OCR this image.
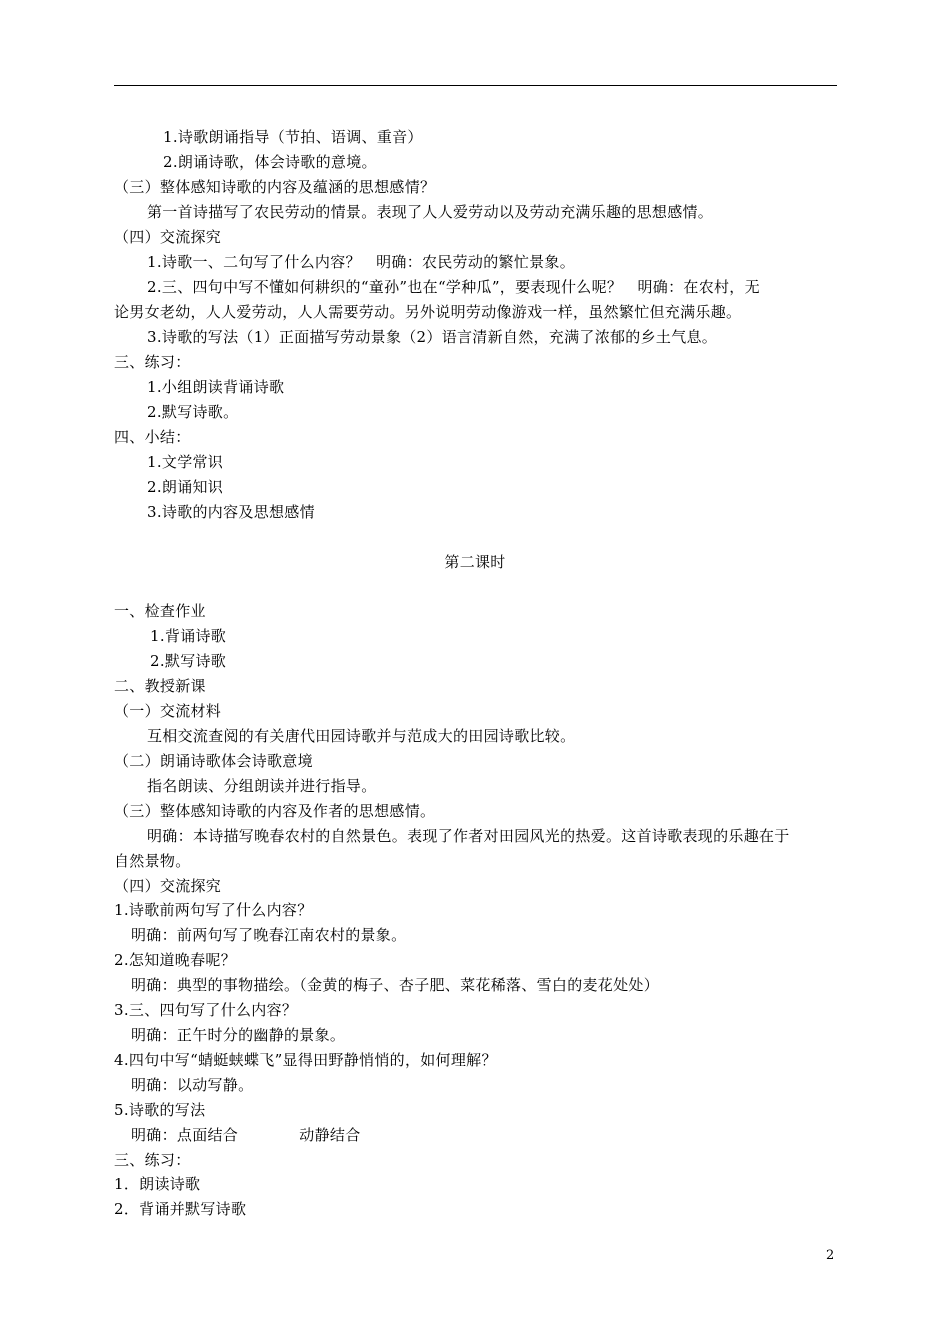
1.诗歌朗诵指导（节拍、语调、重音）
2.朗诵诗歌，体会诗歌的意境。
（三）整体感知诗歌的内容及蕴涵的思想感情？
第一首诗描写了农民劳动的情景。表现了人人爱劳动以及劳动充满乐趣的思想感情。
（四）交流探究
1.诗歌一、二句写了什么内容？　明确：农民劳动的繁忙景象。
2.三、四句中写不懂如何耕织的“童孙”也在“学种瓜”，要表现什么呢？　明确：在农村，无
论男女老幼，人人爱劳动，人人需要劳动。另外说明劳动像游戏一样，虽然繁忙但充满乐趣。
3.诗歌的写法（1）正面描写劳动景象（2）语言清新自然，充满了浓郁的乡土气息。
三、练习：
1.小组朗读背诵诗歌
2.默写诗歌。
四、小结：
1.文学常识
2.朗诵知识
3.诗歌的内容及思想感情
第二课时
一、检查作业
1.背诵诗歌
2.默写诗歌
二、教授新课
（一）交流材料
互相交流查阅的有关唐代田园诗歌并与范成大的田园诗歌比较。
（二）朗诵诗歌体会诗歌意境
指名朗读、分组朗读并进行指导。
（三）整体感知诗歌的内容及作者的思想感情。
明确：本诗描写晚春农村的自然景色。表现了作者对田园风光的热爱。这首诗歌表现的乐趣在于
自然景物。
（四）交流探究
1.诗歌前两句写了什么内容？
明确：前两句写了晚春江南农村的景象。
2.怎知道晚春呢？
明确：典型的事物描绘。（金黄的梅子、杏子肥、菜花稀落、雪白的麦花处处）
3.三、四句写了什么内容？
明确：正午时分的幽静的景象。
4.四句中写“蜻蜓蛱蝶飞”显得田野静悄悄的，如何理解？
明确：以动写静。
5.诗歌的写法
明确：点面结合　　　　动静结合
三、练习：
1．朗读诗歌
2．背诵并默写诗歌
2
